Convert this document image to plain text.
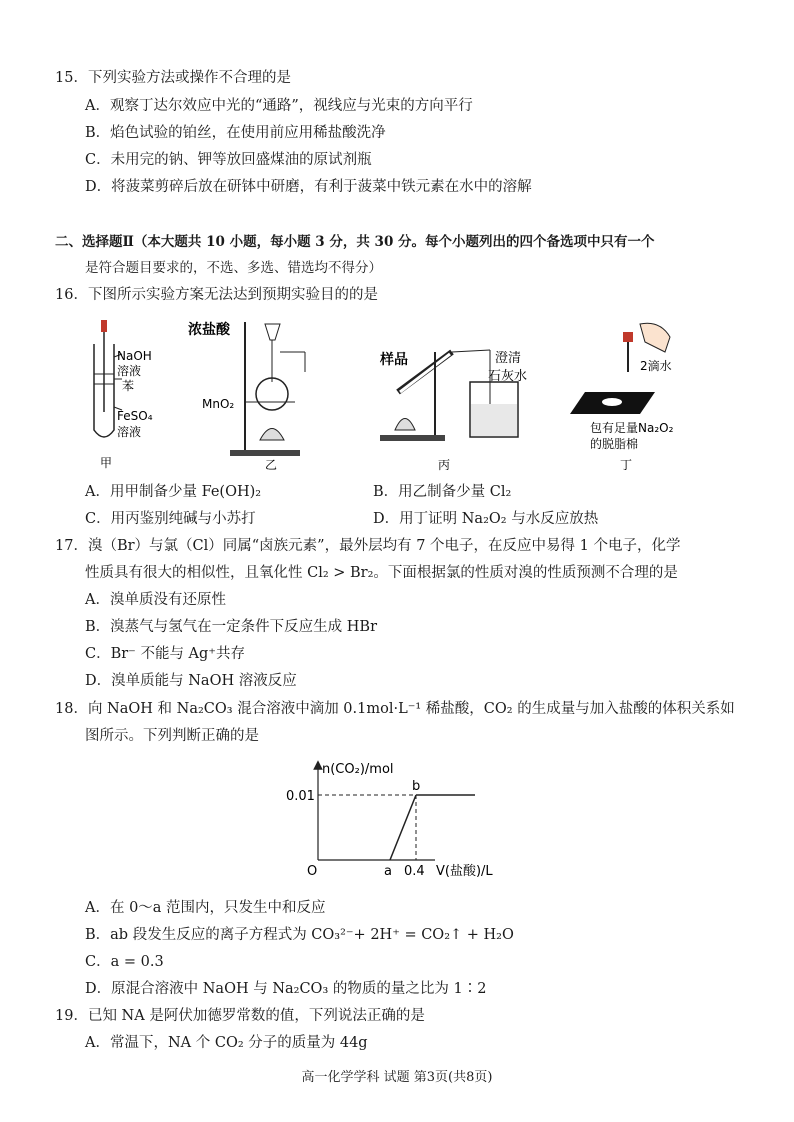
15．下列实验方法或操作不合理的是
A．观察丁达尔效应中光的“通路”，视线应与光束的方向平行
B．焰色试验的铂丝，在使用前应用稀盐酸洗净
C．未用完的钠、钾等放回盛煤油的原试剂瓶
D．将菠菜剪碎后放在研钵中研磨，有利于菠菜中铁元素在水中的溶解
二、选择题Ⅱ（本大题共 10 小题，每小题 3 分，共 30 分。每个小题列出的四个备选项中只有一个
是符合题目要求的，不选、多选、错选均不得分）
16．下图所示实验方案无法达到预期实验目的的是
NaOH
溶液
苯
FeSO₄
溶液
甲
浓盐酸
MnO₂
乙
样品	澄清
石灰水
丙
2滴水
包有足量Na₂O₂
的脱脂棉
丁
A．用甲制备少量 Fe(OH)₂	B．用乙制备少量 Cl₂
C．用丙鉴别纯碱与小苏打	D．用丁证明 Na₂O₂ 与水反应放热
17．溴（Br）与氯（Cl）同属“卤族元素”，最外层均有 7 个电子，在反应中易得 1 个电子，化学
性质具有很大的相似性，且氧化性 Cl₂ > Br₂。下面根据氯的性质对溴的性质预测不合理的是
A．溴单质没有还原性
B．溴蒸气与氢气在一定条件下反应生成 HBr
C．Br⁻ 不能与 Ag⁺共存
D．溴单质能与 NaOH 溶液反应
18．向 NaOH 和 Na₂CO₃ 混合溶液中滴加 0.1mol·L⁻¹ 稀盐酸，CO₂ 的生成量与加入盐酸的体积关系如
图所示。下列判断正确的是
n(CO₂)/mol
0.01
O	a 0.4
b
V(盐酸)/L
A．在 0～a 范围内，只发生中和反应
B．ab 段发生反应的离子方程式为 CO₃²⁻+ 2H⁺ = CO₂↑ + H₂O
C．a = 0.3
D．原混合溶液中 NaOH 与 Na₂CO₃ 的物质的量之比为 1∶2
19．已知 NA 是阿伏加德罗常数的值，下列说法正确的是
A．常温下，NA 个 CO₂ 分子的质量为 44g
高一化学学科 试题 第3页(共8页)
